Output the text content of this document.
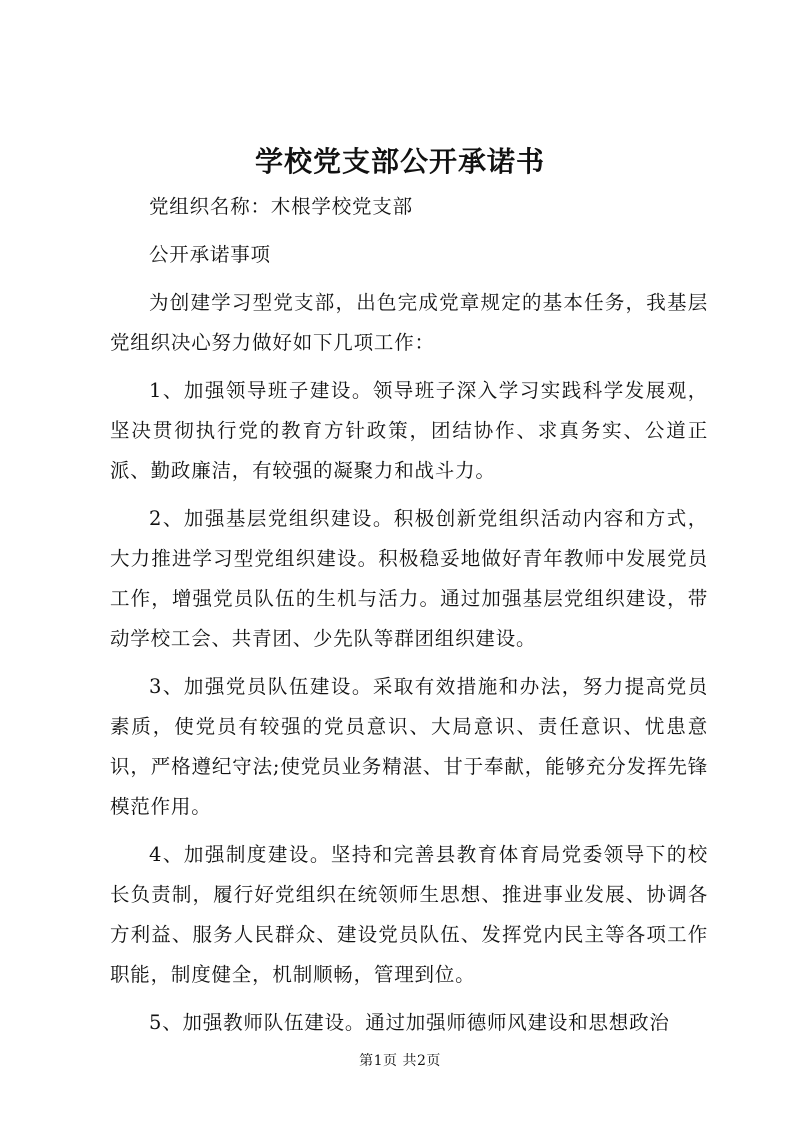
学校党支部公开承诺书

党组织名称：木根学校党支部

公开承诺事项

为创建学习型党支部，出色完成党章规定的基本任务，我基层党组织决心努力做好如下几项工作：

1、加强领导班子建设。领导班子深入学习实践科学发展观，坚决贯彻执行党的教育方针政策，团结协作、求真务实、公道正派、勤政廉洁，有较强的凝聚力和战斗力。

2、加强基层党组织建设。积极创新党组织活动内容和方式，大力推进学习型党组织建设。积极稳妥地做好青年教师中发展党员工作，增强党员队伍的生机与活力。通过加强基层党组织建设，带动学校工会、共青团、少先队等群团组织建设。

3、加强党员队伍建设。采取有效措施和办法，努力提高党员素质，使党员有较强的党员意识、大局意识、责任意识、忧患意识，严格遵纪守法;使党员业务精湛、甘于奉献，能够充分发挥先锋模范作用。

4、加强制度建设。坚持和完善县教育体育局党委领导下的校长负责制，履行好党组织在统领师生思想、推进事业发展、协调各方利益、服务人民群众、建设党员队伍、发挥党内民主等各项工作职能，制度健全，机制顺畅，管理到位。

5、加强教师队伍建设。通过加强师德师风建设和思想政治

第1页 共2页
